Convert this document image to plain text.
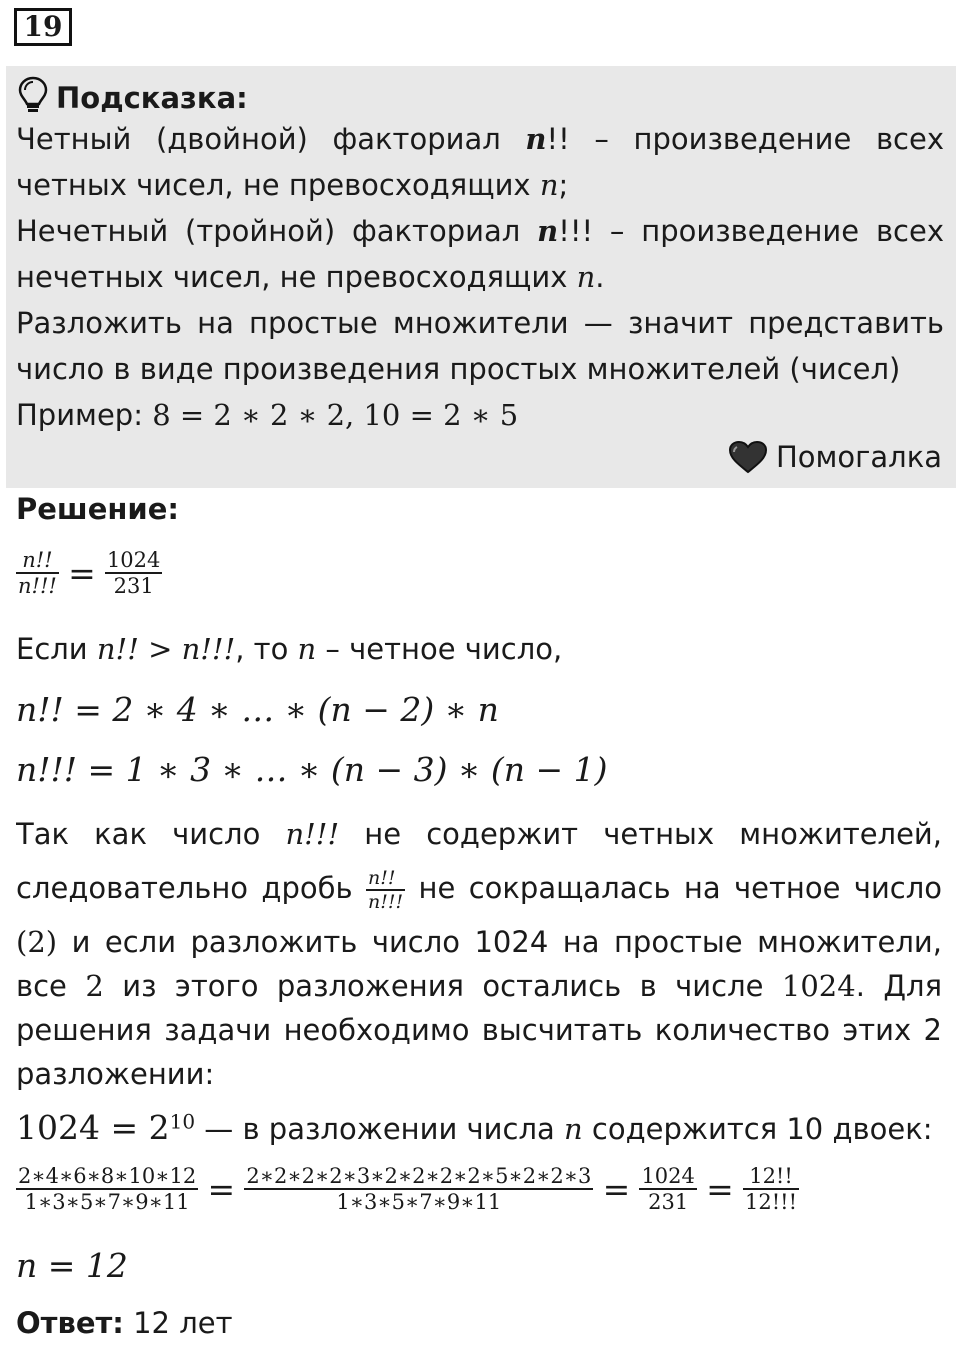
19
Подсказка:
Четный (двойной) факториал n!! – произведение всех
четных чисел, не превосходящих n;
Нечетный (тройной) факториал n!!! – произведение всех
нечетных чисел, не превосходящих n.
Разложить на простые множители — значит представить
число в виде произведения простых множителей (чисел)
Пример: 8 = 2 ∗ 2 ∗ 2, 10 = 2 ∗ 5
Помогалка
Решение:
$\frac{n!!}{n!!!} = \frac{1024}{231}$
Если n!! > n!!!, то n – четное число,
n!! = 2 ∗ 4 ∗ … ∗ (n − 2) ∗ n
n!!! = 1 ∗ 3 ∗ … ∗ (n − 3) ∗ (n − 1)
Так как число n!!! не содержит четных множителей,
следовательно дробь $\frac{n!!}{n!!!}$ не сокращалась на четное число
(2) и если разложить число 1024 на простые множители,
все 2 из этого разложения остались в числе 1024. Для
решения задачи необходимо высчитать количество этих 2
разложении:
$1024 = 2^{10}$ — в разложении числа n содержится 10 двоек:
$\frac{2∗4∗6∗8∗10∗12}{1∗3∗5∗7∗9∗11} = \frac{2∗2∗2∗2∗3∗2∗2∗2∗2∗5∗2∗2∗3}{1∗3∗5∗7∗9∗11} = \frac{1024}{231} = \frac{12!!}{12!!!}$
n = 12
Ответ: 12 лет
